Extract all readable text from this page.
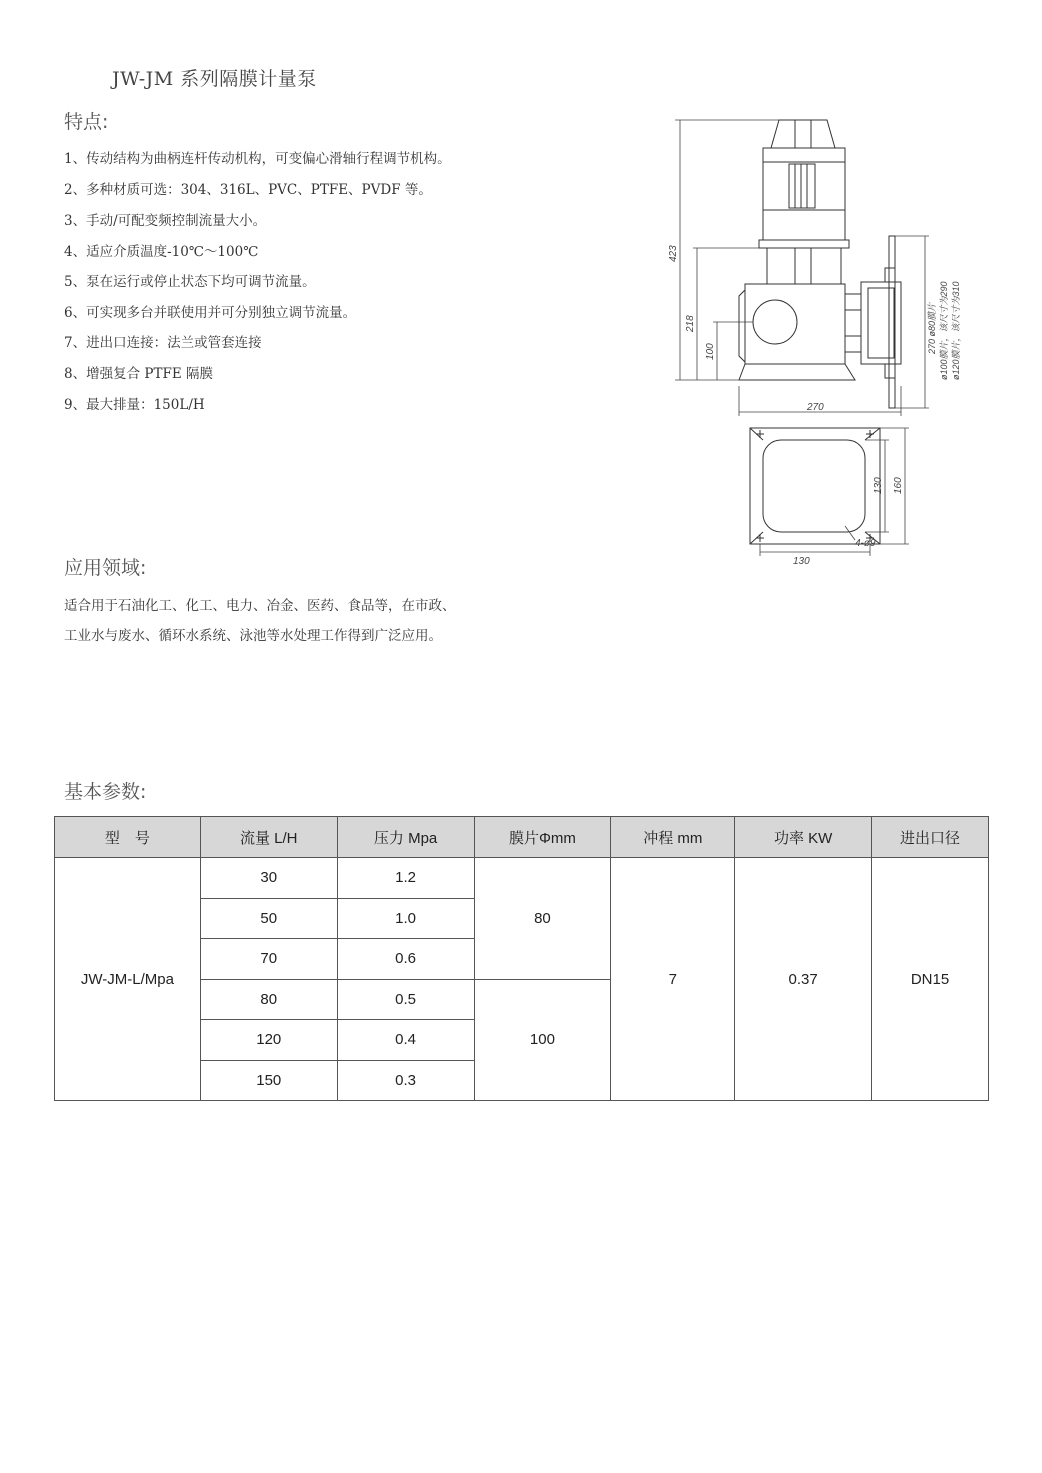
JW-JM 系列隔膜计量泵
特点:
1、传动结构为曲柄连杆传动机构，可变偏心滑轴行程调节机构。
2、多种材质可选：304、316L、PVC、PTFE、PVDF 等。
3、手动/可配变频控制流量大小。
4、适应介质温度-10℃～100℃
5、泵在运行或停止状态下均可调节流量。
6、可实现多台并联使用并可分别独立调节流量。
7、进出口连接：法兰或管套连接
8、增强复合 PTFE 隔膜
9、最大排量：150L/H
423
218
100
270
130 160
130
4-ø9
270 ø80膜片 ø100膜片，该尺寸为290 ø120膜片，该尺寸为310
应用领域:
适合用于石油化工、化工、电力、冶金、医药、食品等，在市政、
工业水与废水、循环水系统、泳池等水处理工作得到广泛应用。
基本参数:
型　号	流量 L/H	压力 Mpa	膜片Φmm	冲程 mm	功率 KW	进出口径
JW-JM-L/Mpa	30	1.2	80	7	0.37	DN15
	50	1.0				
	70	0.6				
	80	0.5	100			
	120	0.4				
	150	0.3				
